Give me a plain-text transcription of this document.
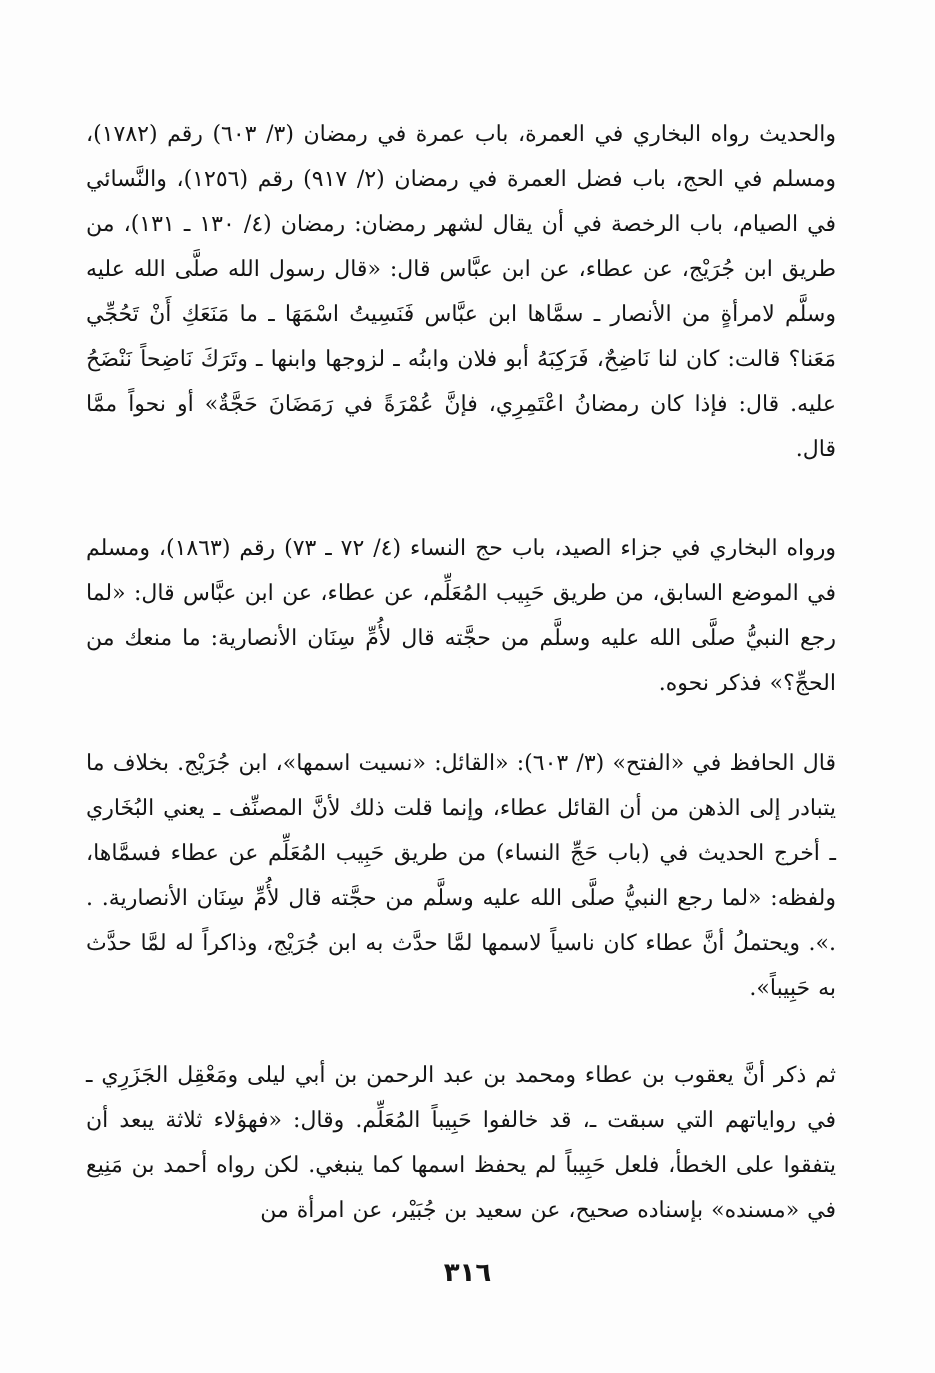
والحديث رواه البخاري في العمرة، باب عمرة في رمضان (٣/ ٦٠٣) رقم (١٧٨٢)، ومسلم في الحج، باب فضل العمرة في رمضان (٢/ ٩١٧) رقم (١٢٥٦)، والنَّسائي في الصيام، باب الرخصة في أن يقال لشهر رمضان: رمضان (٤/ ١٣٠ ـ ١٣١)، من طريق ابن جُرَيْج، عن عطاء، عن ابن عبَّاس قال: «قال رسول الله صلَّى الله عليه وسلَّم لامرأةٍ من الأنصار ـ سمَّاها ابن عبَّاس فَنَسِيتُ اسْمَهَا ـ ما مَنَعَكِ أَنْ تَحُجِّي مَعَنا؟ قالت: كان لنا نَاضِحٌ، فَرَكِبَهُ أبو فلان وابنُه ـ لزوجها وابنها ـ وتَرَكَ نَاضِحاً نَنْضَحُ عليه. قال: فإذا كان رمضانُ اعْتَمِرِي، فإنَّ عُمْرَةً في رَمَضَانَ حَجَّةٌ» أو نحواً ممَّا قال.

ورواه البخاري في جزاء الصيد، باب حج النساء (٤/ ٧٢ ـ ٧٣) رقم (١٨٦٣)، ومسلم في الموضع السابق، من طريق حَبِيب المُعَلِّم، عن عطاء، عن ابن عبَّاس قال: «لما رجع النبيُّ صلَّى الله عليه وسلَّم من حجَّته قال لأُمِّ سِنَان الأنصارية: ما منعك من الحجِّ؟» فذكر نحوه.

قال الحافظ في «الفتح» (٣/ ٦٠٣): «القائل: «نسيت اسمها»، ابن جُرَيْج. بخلاف ما يتبادر إلى الذهن من أن القائل عطاء، وإنما قلت ذلك لأنَّ المصنِّف ـ يعني البُخَاري ـ أخرج الحديث في (باب حَجِّ النساء) من طريق حَبِيب المُعَلِّم عن عطاء فسمَّاها، ولفظه: «لما رجع النبيُّ صلَّى الله عليه وسلَّم من حجَّته قال لأُمِّ سِنَان الأنصارية. . .». ويحتملُ أنَّ عطاء كان ناسياً لاسمها لمَّا حدَّث به ابن جُرَيْج، وذاكراً له لمَّا حدَّث به حَبِيباً».

ثم ذكر أنَّ يعقوب بن عطاء ومحمد بن عبد الرحمن بن أبي ليلى ومَعْقِل الجَزَرِي ـ في رواياتهم التي سبقت ـ، قد خالفوا حَبِيباً المُعَلِّم. وقال: «فهؤلاء ثلاثة يبعد أن يتفقوا على الخطأ، فلعل حَبِيباً لم يحفظ اسمها كما ينبغي. لكن رواه أحمد بن مَنِيع في «مسنده» بإسناده صحيح، عن سعيد بن جُبَيْر، عن امرأة من

٣١٦
